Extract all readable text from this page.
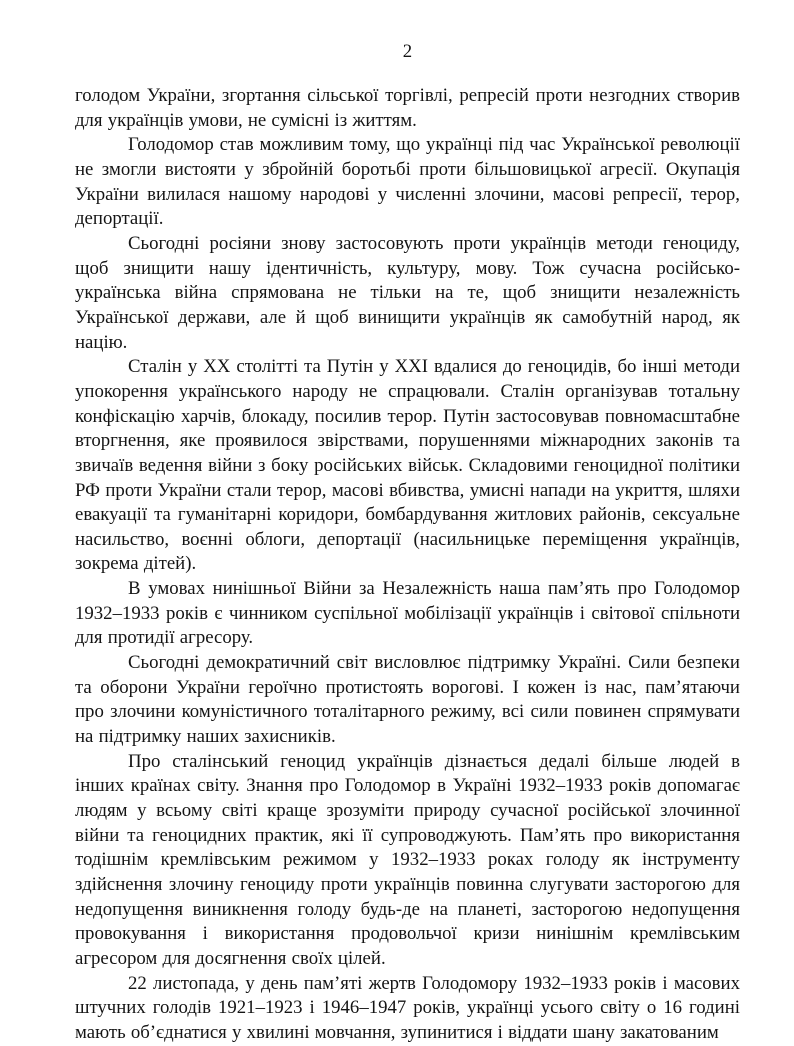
2

голодом України, згортання сільської торгівлі, репресій проти незгодних створив для українців умови, не сумісні із життям.

Голодомор став можливим тому, що українці під час Української революції не змогли вистояти у збройній боротьбі проти більшовицької агресії. Окупація України вилилася нашому народові у численні злочини, масові репресії, терор, депортації.

Сьогодні росіяни знову застосовують проти українців методи геноциду, щоб знищити нашу ідентичність, культуру, мову. Тож сучасна російсько-українська війна спрямована не тільки на те, щоб знищити незалежність Української держави, але й щоб винищити українців як самобутній народ, як націю.

Сталін у XX столітті та Путін у XXI вдалися до геноцидів, бо інші методи упокорення українського народу не спрацювали. Сталін організував тотальну конфіскацію харчів, блокаду, посилив терор. Путін застосовував повномасштабне вторгнення, яке проявилося звірствами, порушеннями міжнародних законів та звичаїв ведення війни з боку російських військ. Складовими геноцидної політики РФ проти України стали терор, масові вбивства, умисні напади на укриття, шляхи евакуації та гуманітарні коридори, бомбардування житлових районів, сексуальне насильство, воєнні облоги, депортації (насильницьке переміщення українців, зокрема дітей).

В умовах нинішньої Війни за Незалежність наша пам’ять про Голодомор 1932–1933 років є чинником суспільної мобілізації українців і світової спільноти для протидії агресору.

Сьогодні демократичний світ висловлює підтримку Україні. Сили безпеки та оборони України героїчно протистоять ворогові. І кожен із нас, пам’ятаючи про злочини комуністичного тоталітарного режиму, всі сили повинен спрямувати на підтримку наших захисників.

Про сталінський геноцид українців дізнається дедалі більше людей в інших країнах світу. Знання про Голодомор в Україні 1932–1933 років допомагає людям у всьому світі краще зрозуміти природу сучасної російської злочинної війни та геноцидних практик, які її супроводжують. Пам’ять про використання тодішнім кремлівським режимом у 1932–1933 роках голоду як інструменту здійснення злочину геноциду проти українців повинна слугувати засторогою для недопущення виникнення голоду будь-де на планеті, засторогою недопущення провокування і використання продовольчої кризи нинішнім кремлівським агресором для досягнення своїх цілей.

22 листопада, у день пам’яті жертв Голодомору 1932–1933 років і масових штучних голодів 1921–1923 і 1946–1947 років, українці усього світу о 16 годині мають об’єднатися у хвилині мовчання, зупинитися і віддати шану закатованим
